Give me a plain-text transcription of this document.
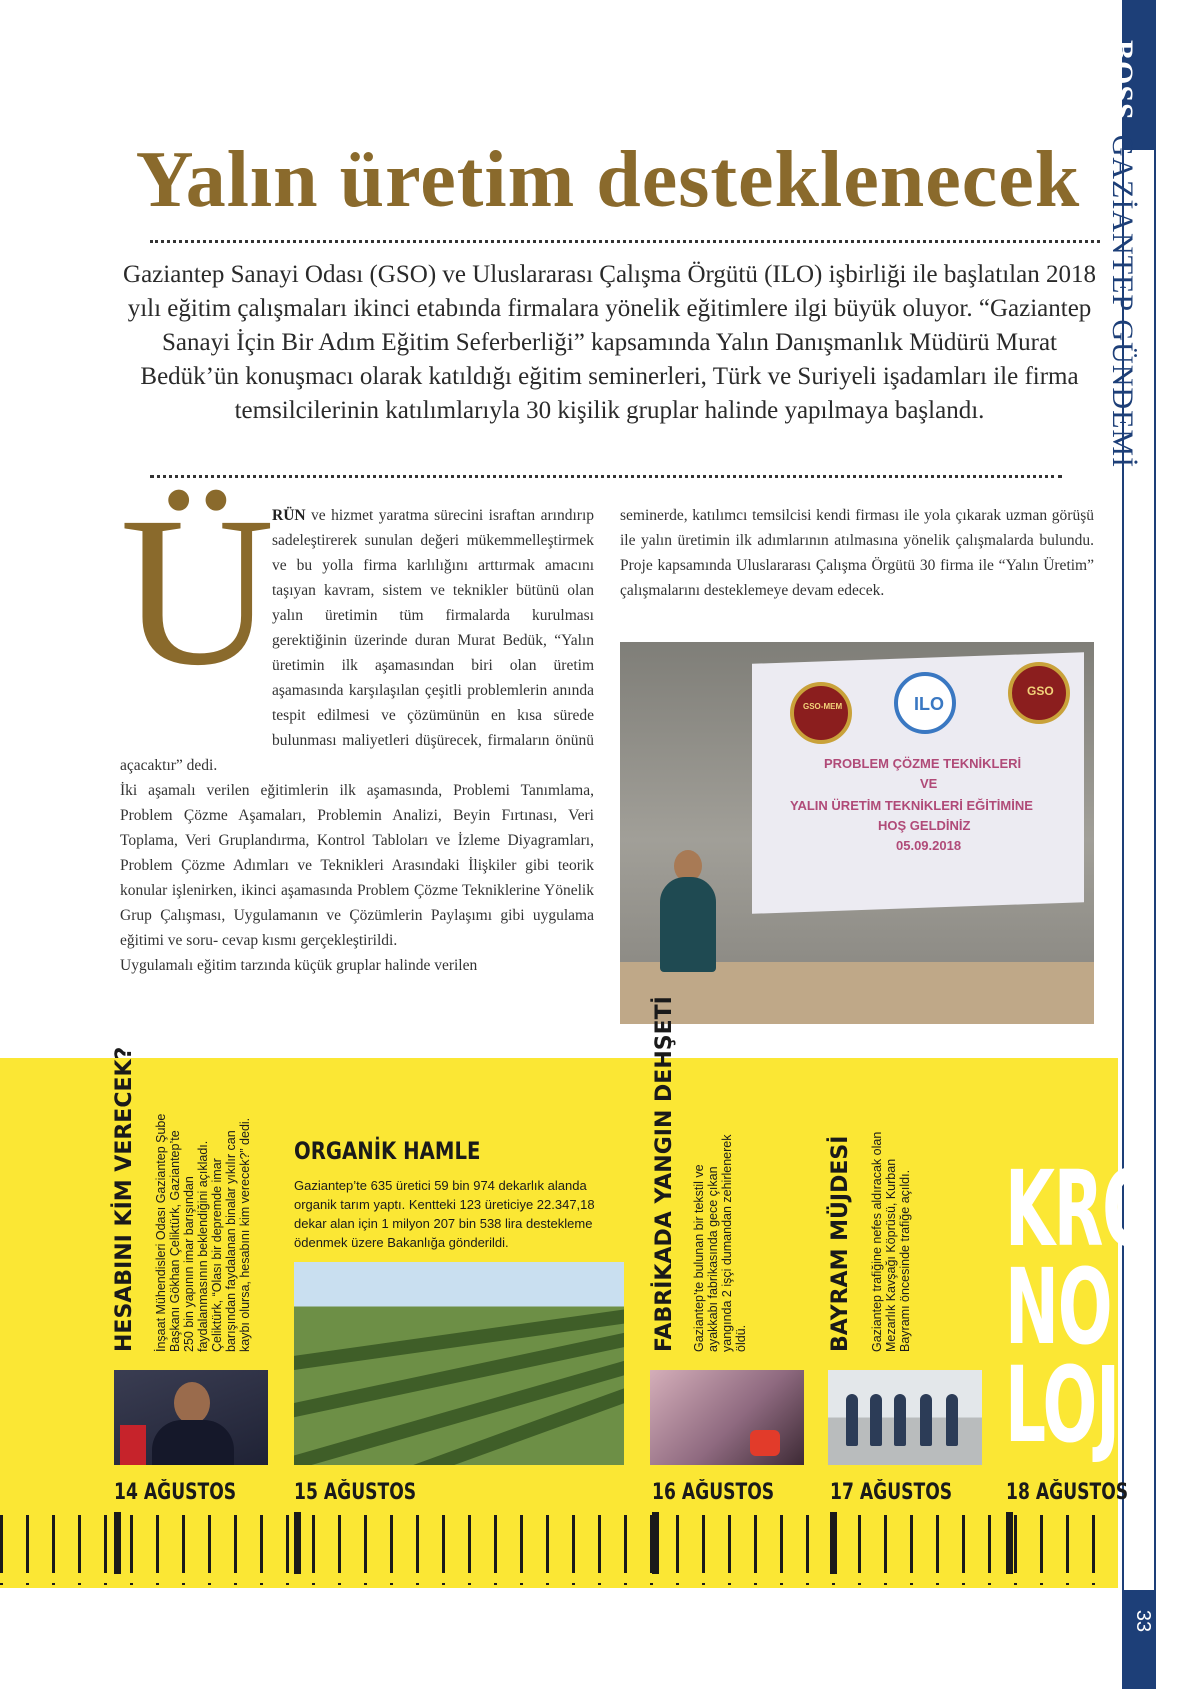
BOSSGAZİANTEP GÜNDEMİ
33
Yalın üretim desteklenecek

Gaziantep Sanayi Odası (GSO) ve Uluslararası Çalışma Örgütü (ILO) işbirliği ile başlatılan 2018 yılı eğitim çalışmaları ikinci etabında firmalara yönelik eğitimlere ilgi büyük oluyor. “Gaziantep Sanayi İçin Bir Adım Eğitim Seferberliği” kapsamında Yalın Danışmanlık Müdürü Murat Bedük’ün konuşmacı olarak katıldığı eğitim seminerleri, Türk ve Suriyeli işadamları ile firma temsilcilerinin katılımlarıyla 30 kişilik gruplar halinde yapılmaya başlandı.

Ü

RÜN ve hizmet yaratma sürecini israftan arındırıp sadeleştirerek sunulan değeri mükemmelleştirmek ve bu yolla firma karlılığını arttırmak amacını taşıyan kavram, sistem ve teknikler bütünü olan yalın üretimin tüm firmalarda kurulması gerektiğinin üzerinde duran Murat Bedük, “Yalın üretimin ilk aşamasından biri olan üretim aşamasında karşılaşılan çeşitli problemlerin anında tespit edilmesi ve çözümünün en kısa sürede bulunması maliyetleri düşürecek, firmaların önünü açacaktır” dedi.

İki aşamalı verilen eğitimlerin ilk aşamasında, Problemi Tanımlama, Problem Çözme Aşamaları, Problemin Analizi, Beyin Fırtınası, Veri Toplama, Veri Gruplandırma, Kontrol Tabloları ve İzleme Diyagramları, Problem Çözme Adımları ve Teknikleri Arasındaki İlişkiler gibi teorik konular işlenirken, ikinci aşamasında Problem Çözme Tekniklerine Yönelik Grup Çalışması, Uygulamanın ve Çözümlerin Paylaşımı gibi uygulama eğitimi ve soru- cevap kısmı gerçekleştirildi.

Uygulamalı eğitim tarzında küçük gruplar halinde verilen

seminerde, katılımcı temsilcisi kendi firması ile yola çıkarak uzman görüşü ile yalın üretimin ilk adımlarının atılmasına yönelik çalışmalarda bulundu. Proje kapsamında Uluslararası Çalışma Örgütü 30 firma ile “Yalın Üretim” çalışmalarını desteklemeye devam edecek.

GSO-MEM	ILO
GSO
PROBLEM ÇÖZME TEKNİKLERİ
VE
YALIN ÜRETİM TEKNİKLERİ EĞİTİMİNE
HOŞ GELDİNİZ
05.09.2018
HESABINI KİM VERECEK? İnşaat Mühendisleri Odası Gaziantep Şube Başkanı Gökhan Çeliktürk, Gaziantep’te 250 bin yapının imar barışından faydalanmasının beklendiğini açıkladı. Çeliktürk, “Olası bir depremde imar barışından faydalanan binalar yıkılır can kaybı olursa, hesabını kim verecek?” dedi.
14 AĞUSTOS
ORGANİK HAMLE

Gaziantep’te 635 üretici 59 bin 974 dekarlık alanda organik tarım yaptı. Kentteki 123 üreticiye 22.347,18 dekar alan için 1 milyon 207 bin 538 lira destekleme ödenmek üzere Bakanlığa gönderildi.

15 AĞUSTOS
FABRİKADA YANGIN DEHŞETİ Gaziantep’te bulunan bir tekstil ve ayakkabı fabrikasında gece çıkan yangında 2 işçi dumandan zehirlenerek öldü.
16 AĞUSTOS
BAYRAM MÜJDESİ Gaziantep trafiğine nefes aldıracak olan Mezarlık Kavşağı Köprüsü, Kurban Bayramı öncesinde trafiğe açıldı.
17 AĞUSTOS 18 AĞUSTOS
KRO
NO
LOJİ
